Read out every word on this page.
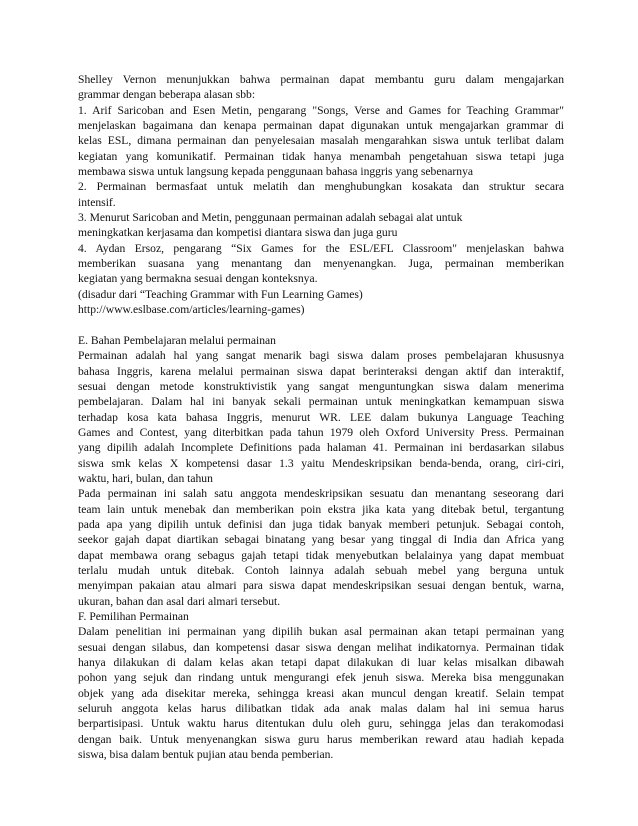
Shelley Vernon menunjukkan bahwa permainan dapat membantu guru dalam mengajarkan
grammar dengan beberapa alasan sbb:
1. Arif Saricoban and Esen Metin, pengarang "Songs, Verse and Games for Teaching Grammar"
menjelaskan bagaimana dan kenapa permainan dapat digunakan untuk mengajarkan grammar di
kelas ESL, dimana permainan dan penyelesaian masalah mengarahkan siswa untuk terlibat dalam
kegiatan yang komunikatif. Permainan tidak hanya menambah pengetahuan siswa tetapi juga
membawa siswa untuk langsung kepada penggunaan bahasa inggris yang sebenarnya
2. Permainan bermasfaat untuk melatih dan menghubungkan kosakata dan struktur secara
intensif.
3. Menurut Saricoban and Metin, penggunaan permainan adalah sebagai alat untuk
meningkatkan kerjasama dan kompetisi diantara siswa dan juga guru
4. Aydan Ersoz, pengarang “Six Games for the ESL/EFL Classroom" menjelaskan bahwa
memberikan suasana yang menantang dan menyenangkan. Juga, permainan memberikan
kegiatan yang bermakna sesuai dengan konteksnya.
(disadur dari “Teaching Grammar with Fun Learning Games)
http://www.eslbase.com/articles/learning-games)
E. Bahan Pembelajaran melalui permainan
Permainan adalah hal yang sangat menarik bagi siswa dalam proses pembelajaran khususnya
bahasa Inggris, karena melalui permainan siswa dapat berinteraksi dengan aktif dan interaktif,
sesuai dengan metode konstruktivistik yang sangat menguntungkan siswa dalam menerima
pembelajaran. Dalam hal ini banyak sekali permainan untuk meningkatkan kemampuan siswa
terhadap kosa kata bahasa Inggris, menurut WR. LEE dalam bukunya Language Teaching
Games and Contest, yang diterbitkan pada tahun 1979 oleh Oxford University Press. Permainan
yang dipilih adalah Incomplete Definitions pada halaman 41. Permainan ini berdasarkan silabus
siswa smk kelas X kompetensi dasar 1.3 yaitu Mendeskripsikan benda-benda, orang, ciri-ciri,
waktu, hari, bulan, dan tahun
Pada permainan ini salah satu anggota mendeskripsikan sesuatu dan menantang seseorang dari
team lain untuk menebak dan memberikan poin ekstra jika kata yang ditebak betul, tergantung
pada apa yang dipilih untuk definisi dan juga tidak banyak memberi petunjuk. Sebagai contoh,
seekor gajah dapat diartikan sebagai binatang yang besar yang tinggal di India dan Africa yang
dapat membawa orang sebagus gajah tetapi tidak menyebutkan belalainya yang dapat membuat
terlalu mudah untuk ditebak. Contoh lainnya adalah sebuah mebel yang berguna untuk
menyimpan pakaian atau almari para siswa dapat mendeskripsikan sesuai dengan bentuk, warna,
ukuran, bahan dan asal dari almari tersebut.
F. Pemilihan Permainan
Dalam penelitian ini permainan yang dipilih bukan asal permainan akan tetapi permainan yang
sesuai dengan silabus, dan kompetensi dasar siswa dengan melihat indikatornya. Permainan tidak
hanya dilakukan di dalam kelas akan tetapi dapat dilakukan di luar kelas misalkan dibawah
pohon yang sejuk dan rindang untuk mengurangi efek jenuh siswa. Mereka bisa menggunakan
objek yang ada disekitar mereka, sehingga kreasi akan muncul dengan kreatif. Selain tempat
seluruh anggota kelas harus dilibatkan tidak ada anak malas dalam hal ini semua harus
berpartisipasi. Untuk waktu harus ditentukan dulu oleh guru, sehingga jelas dan terakomodasi
dengan baik. Untuk menyenangkan siswa guru harus memberikan reward atau hadiah kepada
siswa, bisa dalam bentuk pujian atau benda pemberian.
